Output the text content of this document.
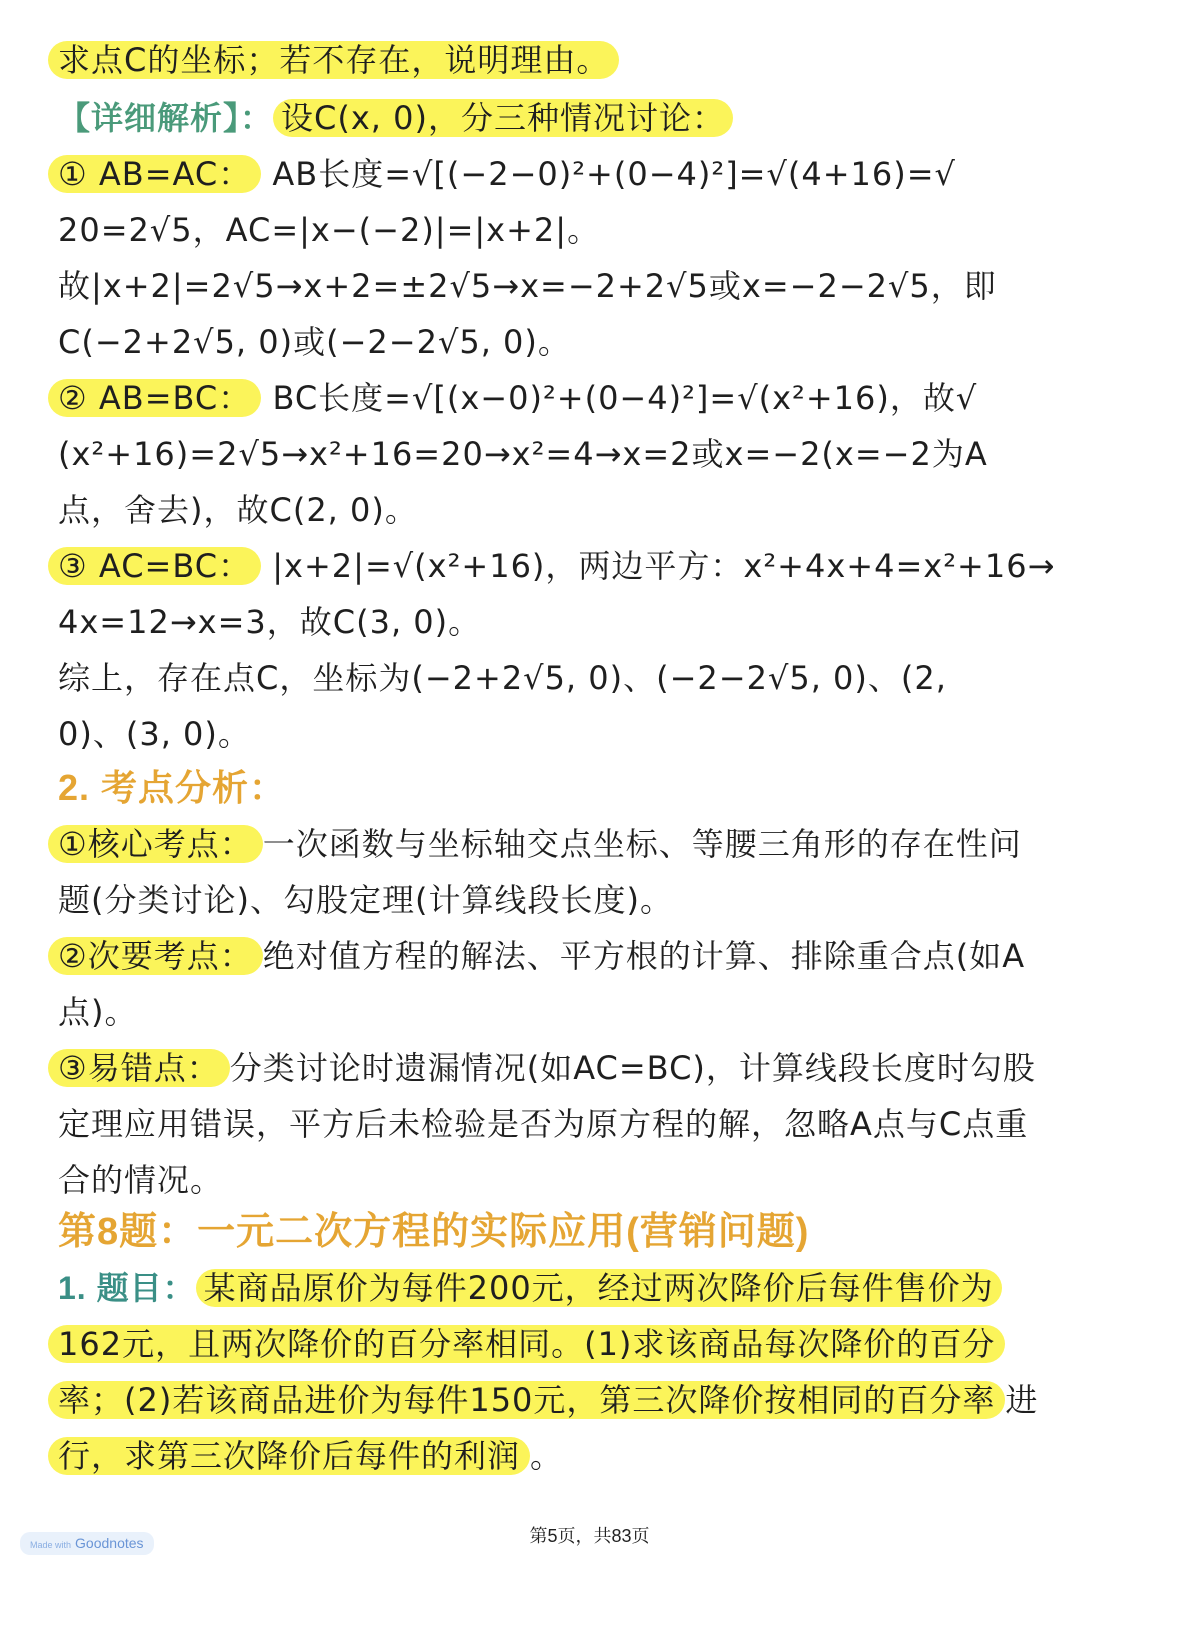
求点C的坐标；若不存在，说明理由。
【详细解析】： 设C(x, 0)，分三种情况讨论：
① AB=AC： AB长度=√[(−2−0)²+(0−4)²]=√(4+16)=√
20=2√5，AC=|x−(−2)|=|x+2|。
故|x+2|=2√5→x+2=±2√5→x=−2+2√5或x=−2−2√5，即
C(−2+2√5, 0)或(−2−2√5, 0)。
② AB=BC： BC长度=√[(x−0)²+(0−4)²]=√(x²+16)，故√
(x²+16)=2√5→x²+16=20→x²=4→x=2或x=−2(x=−2为A
点，舍去)，故C(2, 0)。
③ AC=BC： |x+2|=√(x²+16)，两边平方：x²+4x+4=x²+16→
4x=12→x=3，故C(3, 0)。
综上，存在点C，坐标为(−2+2√5, 0)、(−2−2√5, 0)、(2,
0)、(3, 0)。
2. 考点分析：
①核心考点： 一次函数与坐标轴交点坐标、等腰三角形的存在性问
题(分类讨论)、勾股定理(计算线段长度)。
②次要考点： 绝对值方程的解法、平方根的计算、排除重合点(如A
点)。
③易错点： 分类讨论时遗漏情况(如AC=BC)，计算线段长度时勾股
定理应用错误，平方后未检验是否为原方程的解，忽略A点与C点重
合的情况。
第8题：一元二次方程的实际应用(营销问题)
1. 题目： 某商品原价为每件200元，经过两次降价后每件售价为
162元，且两次降价的百分率相同。(1)求该商品每次降价的百分
率；(2)若该商品进价为每件150元，第三次降价按相同的百分率 进
行，求第三次降价后每件的利润 。
第5页，共83页
Made with Goodnotes
